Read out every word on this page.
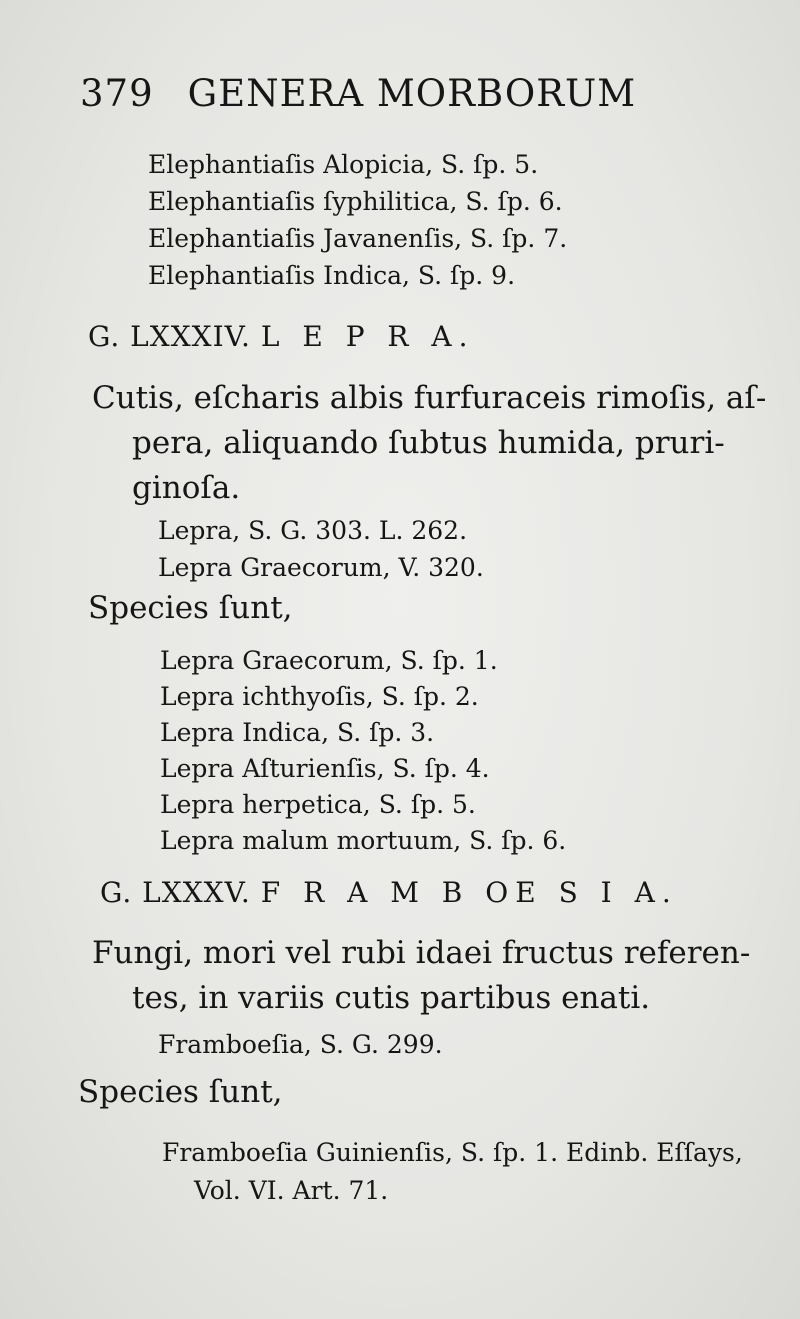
379 GENERA MORBORUM
Elephantiaſis Alopicia, S. ſp. 5.
Elephantiaſis ſyphilitica, S. ſp. 6.
Elephantiaſis Javanenſis, S. ſp. 7.
Elephantiaſis Indica, S. ſp. 9.
G. LXXXIV. L E P R A.
Cutis, eſcharis albis furfuraceis rimoſis, aſ-
pera, aliquando ſubtus humida, pruri-
ginoſa.
Lepra, S. G. 303. L. 262.
Lepra Graecorum, V. 320.
Species ſunt,
Lepra Graecorum, S. ſp. 1.
Lepra ichthyoſis, S. ſp. 2.
Lepra Indica, S. ſp. 3.
Lepra Aſturienſis, S. ſp. 4.
Lepra herpetica, S. ſp. 5.
Lepra malum mortuum, S. ſp. 6.
G. LXXXV. F R A M B OE S I A.
Fungi, mori vel rubi idaei fructus referen-
tes, in variis cutis partibus enati.
Framboeſia, S. G. 299.
Species ſunt,
Framboeſia Guinienſis, S. ſp. 1. Edinb. Eſſays,
Vol. VI. Art. 71.
